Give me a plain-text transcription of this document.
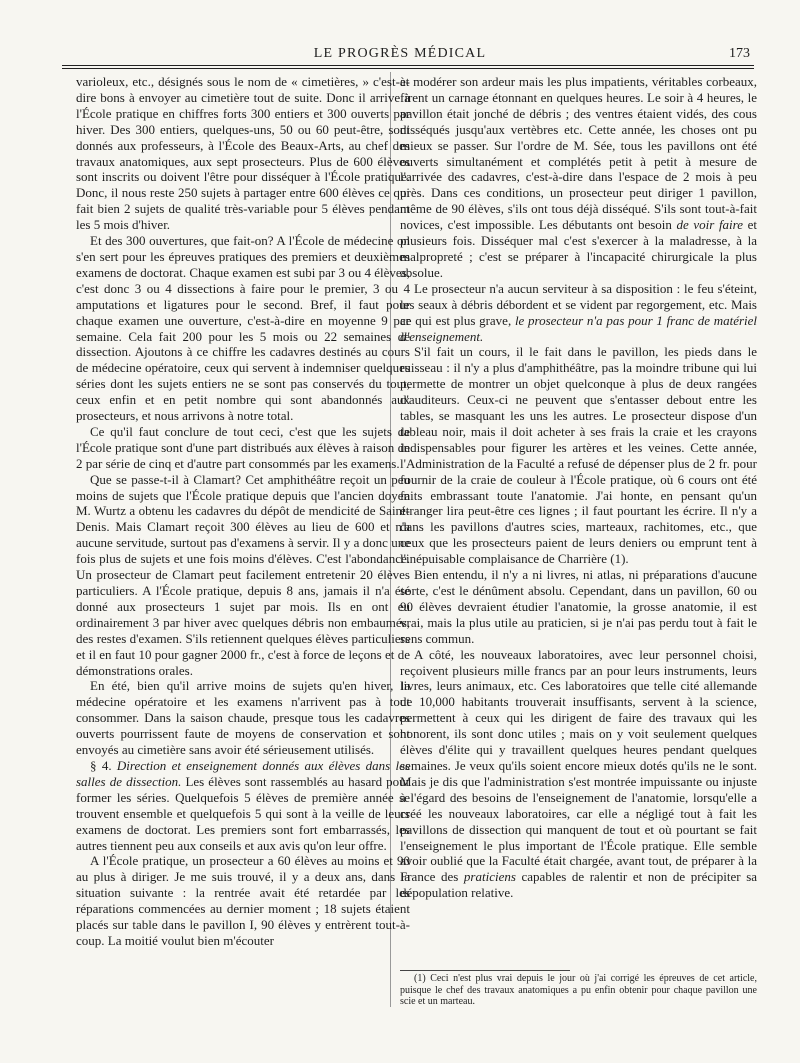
LE PROGRÈS MÉDICAL	173

varioleux, etc., désignés sous le nom de « cimetières, » c'est-à-dire bons à envoyer au cimetière tout de suite. Donc il arrive à l'École pratique en chiffres forts 300 entiers et 300 ouverts par hiver. Des 300 entiers, quelques-uns, 50 ou 60 peut-être, sont donnés aux professeurs, à l'École des Beaux-Arts, au chef des travaux anatomiques, aux sept prosecteurs. Plus de 600 élèves sont inscrits ou doivent l'être pour disséquer à l'École pratique. Donc, il nous reste 250 sujets à partager entre 600 élèves ce qui fait bien 2 sujets de qualité très-variable pour 5 élèves pendant les 5 mois d'hiver.

Et des 300 ouvertures, que fait-on? A l'École de médecine on s'en sert pour les épreuves pratiques des premiers et deuxièmes examens de doctorat. Chaque examen est subi par 3 ou 4 élèves, c'est donc 3 ou 4 dissections à faire pour le premier, 3 ou 4 amputations et ligatures pour le second. Bref, il faut pour chaque examen une ouverture, c'est-à-dire en moyenne 9 par semaine. Cela fait 200 pour les 5 mois ou 22 semaines de dissection. Ajoutons à ce chiffre les cadavres destinés au cours de médecine opératoire, ceux qui servent à indemniser quelques séries dont les sujets entiers ne se sont pas conservés du tout, ceux enfin et en petit nombre qui sont abandonnés aux prosecteurs, et nous arrivons à notre total.

Ce qu'il faut conclure de tout ceci, c'est que les sujets de l'École pratique sont d'une part distribués aux élèves à raison de 2 par série de cinq et d'autre part consommés par les examens.

Que se passe-t-il à Clamart? Cet amphithéâtre reçoit un peu moins de sujets que l'École pratique depuis que l'ancien doyen M. Wurtz a obtenu les cadavres du dépôt de mendicité de Saint-Denis. Mais Clamart reçoit 300 élèves au lieu de 600 et n'a aucune servitude, surtout pas d'examens à servir. Il y a donc une fois plus de sujets et une fois moins d'élèves. C'est l'abondance. Un prosecteur de Clamart peut facilement entretenir 20 élèves particuliers. A l'École pratique, depuis 8 ans, jamais il n'a été donné aux prosecteurs 1 sujet par mois. Ils en ont eu ordinairement 3 par hiver avec quelques débris non embaumés, des restes d'examen. S'ils retiennent quelques élèves particuliers et il en faut 10 pour gagner 2000 fr., c'est à force de leçons et de démonstrations orales.

En été, bien qu'il arrive moins de sujets qu'en hiver, la médecine opératoire et les examens n'arrivent pas à tout consommer. Dans la saison chaude, presque tous les cadavres ouverts pourrissent faute de moyens de conservation et sont envoyés au cimetière sans avoir été sérieusement utilisés.

§ 4. Direction et enseignement donnés aux élèves dans les salles de dissection. Les élèves sont rassemblés au hasard pour former les séries. Quelquefois 5 élèves de première année se trouvent ensemble et quelquefois 5 qui sont à la veille de leurs examens de doctorat. Les premiers sont fort embarrassés, les autres tiennent peu aux conseils et aux avis qu'on leur offre.

A l'École pratique, un prosecteur a 60 élèves au moins et 90 au plus à diriger. Je me suis trouvé, il y a deux ans, dans la situation suivante : la rentrée avait été retardée par les réparations commencées au dernier moment ; 18 sujets étaient placés sur table dans le pavillon I, 90 élèves y entrèrent tout-à-coup. La moitié voulut bien m'écouter

et modérer son ardeur mais les plus impatients, véritables corbeaux, firent un carnage étonnant en quelques heures. Le soir à 4 heures, le pavillon était jonché de débris ; des ventres étaient vidés, des cous disséqués jusqu'aux vertèbres etc. Cette année, les choses ont pu mieux se passer. Sur l'ordre de M. Sée, tous les pavillons ont été ouverts simultanément et complétés petit à petit à mesure de l'arrivée des cadavres, c'est-à-dire dans l'espace de 2 mois à peu près. Dans ces conditions, un prosecteur peut diriger 1 pavillon, même de 90 élèves, s'ils ont tous déjà disséqué. S'ils sont tout-à-fait novices, c'est impossible. Les débutants ont besoin de voir faire et plusieurs fois. Disséquer mal c'est s'exercer à la maladresse, à la malpropreté ; c'est se préparer à l'incapacité chirurgicale la plus absolue.

Le prosecteur n'a aucun serviteur à sa disposition : le feu s'éteint, les seaux à débris débordent et se vident par regorgement, etc. Mais ce qui est plus grave, le prosecteur n'a pas pour 1 franc de matériel d'enseignement.

S'il fait un cours, il le fait dans le pavillon, les pieds dans le ruisseau : il n'y a plus d'amphithéâtre, pas la moindre tribune qui lui permette de montrer un objet quelconque à plus de deux rangées d'auditeurs. Ceux-ci ne peuvent que s'entasser debout entre les tables, se masquant les uns les autres. Le prosecteur dispose d'un tableau noir, mais il doit acheter à ses frais la craie et les crayons indispensables pour figurer les artères et les veines. Cette année, l'Administration de la Faculté a refusé de dépenser plus de 2 fr. pour fournir de la craie de couleur à l'École pratique, où 6 cours ont été faits embrassant toute l'anatomie. J'ai honte, en pensant qu'un étranger lira peut-être ces lignes ; il faut pourtant les écrire. Il n'y a dans les pavillons d'autres scies, marteaux, rachitomes, etc., que ceux que les prosecteurs paient de leurs deniers ou emprunt tent à l'inépuisable complaisance de Charrière (1).

Bien entendu, il n'y a ni livres, ni atlas, ni préparations d'aucune sorte, c'est le dénûment absolu. Cependant, dans un pavillon, 60 ou 90 élèves devraient étudier l'anatomie, la grosse anatomie, il est vrai, mais la plus utile au praticien, si je n'ai pas perdu tout à fait le sens commun.

A côté, les nouveaux laboratoires, avec leur personnel choisi, reçoivent plusieurs mille francs par an pour leurs instruments, leurs livres, leurs animaux, etc. Ces laboratoires que telle cité allemande de 10,000 habitants trouverait insuffisants, servent à la science, permettent à ceux qui les dirigent de faire des travaux qui les honorent, ils sont donc utiles ; mais on y voit seulement quelques élèves d'élite qui y travaillent quelques heures pendant quelques semaines. Je veux qu'ils soient encore mieux dotés qu'ils ne le sont. Mais je dis que l'administration s'est montrée impuissante ou injuste à l'égard des besoins de l'enseignement de l'anatomie, lorsqu'elle a créé les nouveaux laboratoires, car elle a négligé tout à fait les pavillons de dissection qui manquent de tout et où pourtant se fait l'enseignement le plus important de l'École pratique. Elle semble avoir oublié que la Faculté était chargée, avant tout, de préparer à la France des praticiens capables de ralentir et non de précipiter sa dépopulation relative.

(1) Ceci n'est plus vrai depuis le jour où j'ai corrigé les épreuves de cet article, puisque le chef des travaux anatomiques a pu enfin obtenir pour chaque pavillon une scie et un marteau.
